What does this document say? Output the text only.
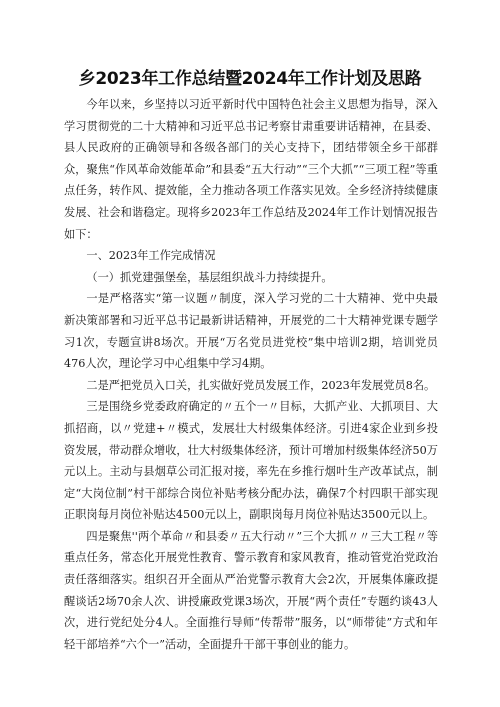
乡2023年工作总结暨2024年工作计划及思路

今年以来，乡坚持以习近平新时代中国特色社会主义思想为指导，深入学习贯彻党的二十大精神和习近平总书记考察甘肃重要讲话精神，在县委、县人民政府的正确领导和各级各部门的关心支持下，团结带领全乡干部群众，聚焦“作风革命效能革命”和县委“五大行动”“三个大抓”“三项工程”等重点任务，转作风、提效能，全力推动各项工作落实见效。全乡经济持续健康发展、社会和谐稳定。现将乡2023年工作总结及2024年工作计划情况报告如下：

一、2023年工作完成情况

（一）抓党建强堡垒，基层组织战斗力持续提升。

一是严格落实“第一议题〃制度，深入学习党的二十大精神、党中央最新决策部署和习近平总书记最新讲话精神，开展党的二十大精神党课专题学习1次，专题宣讲8场次。开展“万名党员进党校”集中培训2期，培训党员476人次，理论学习中心组集中学习4期。

二是严把党员入口关，扎实做好党员发展工作，2023年发展党员8名。

三是围绕乡党委政府确定的〃五个一〃目标，大抓产业、大抓项目、大抓招商，以〃党建+〃模式，发展壮大村级集体经济。引进4家企业到乡投资发展，带动群众增收，壮大村级集体经济，预计可增加村级集体经济50万元以上。主动与县烟草公司汇报对接，率先在乡推行烟叶生产改革试点，制定“大岗位制”村干部综合岗位补贴考核分配办法，确保7个村四职干部实现正职岗每月岗位补贴达4500元以上，副职岗每月岗位补贴达3500元以上。

四是聚焦''两个革命〃和县委〃五大行动〃”三个大抓〃〃三大工程〃等重点任务，常态化开展党性教育、警示教育和家风教育，推动管党治党政治责任落细落实。组织召开全面从严治党警示教育大会2次，开展集体廉政提醒谈话2场70余人次、讲授廉政党课3场次，开展“两个责任”专题约谈43人次，进行党纪处分4人。全面推行导师“传帮带”服务，以“师带徒”方式和年轻干部培养“六个一”活动，全面提升干部干事创业的能力。
